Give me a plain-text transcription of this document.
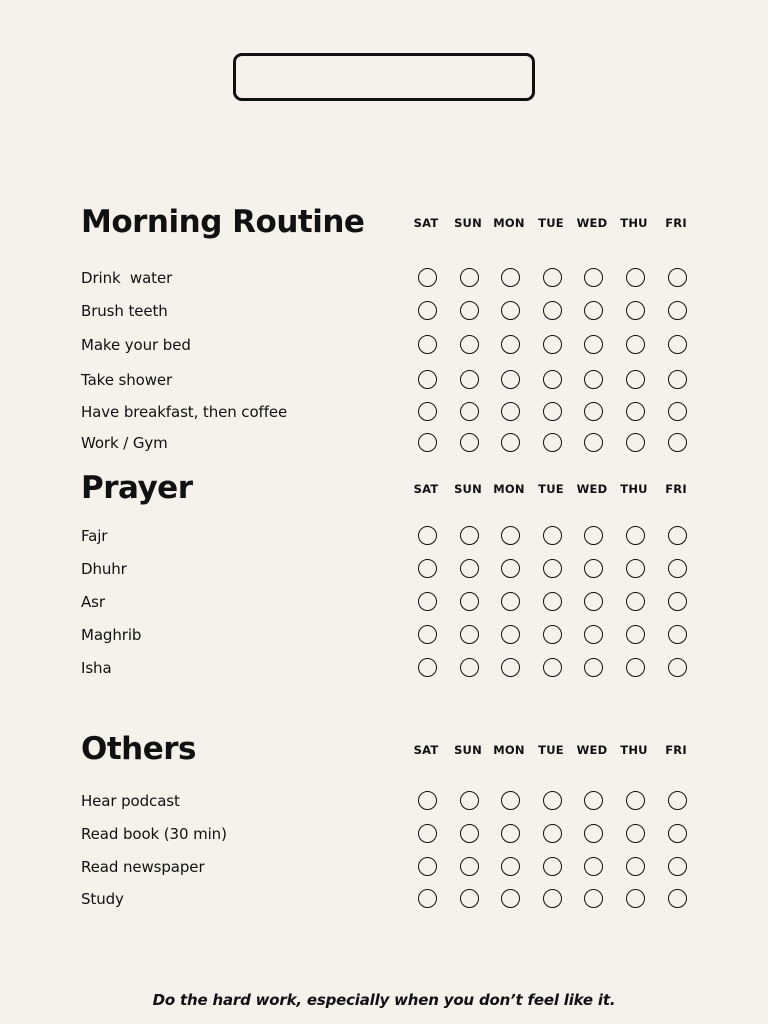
Morning Routine	SAT	SUN MON	TUE	WED	THU	FRI
Drink  water
Brush teeth
Make your bed
Take shower
Have breakfast, then coffee
Work / Gym
Prayer	SAT	SUN MON	TUE	WED	THU	FRI
Fajr
Dhuhr
Asr
Maghrib
Isha
Others	SAT	SUN MON	TUE	WED	THU	FRI
Hear podcast
Read book (30 min)
Read newspaper
Study
Do the hard work, especially when you don’t feel like it.
